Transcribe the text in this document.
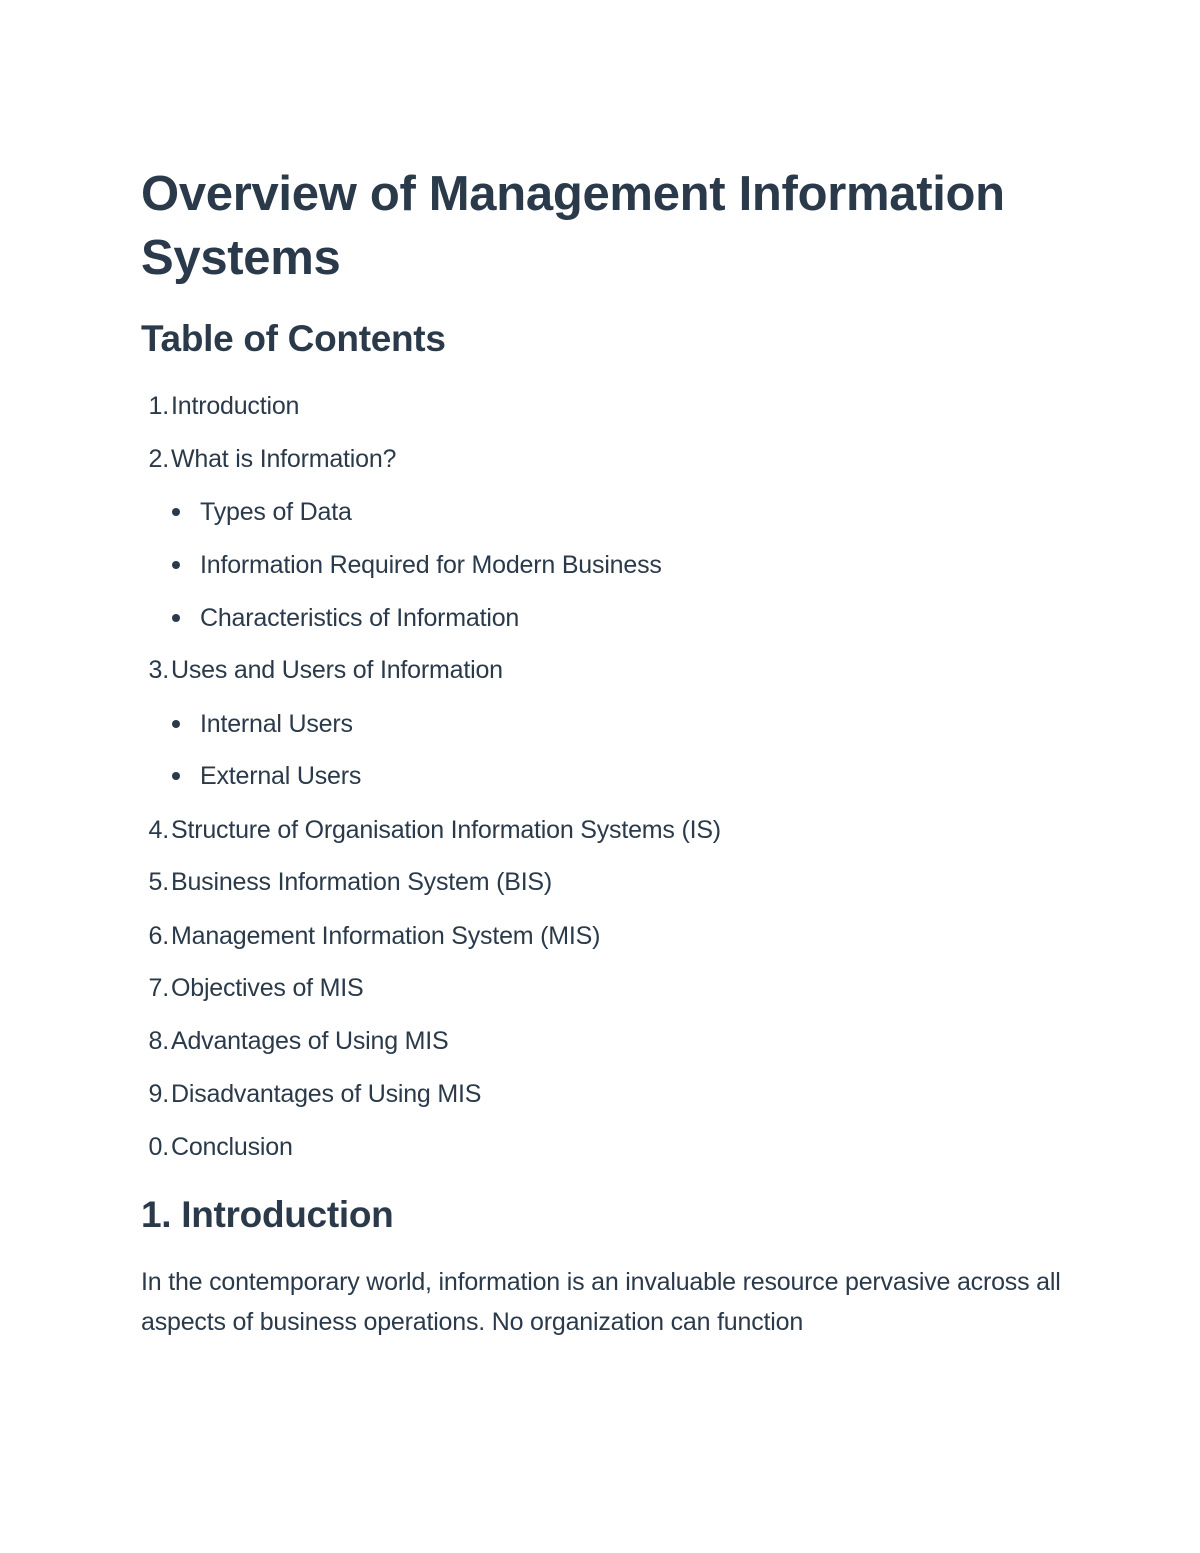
Overview of Management Information Systems
Table of Contents
1. Introduction
2. What is Information?
Types of Data
Information Required for Modern Business
Characteristics of Information
3. Uses and Users of Information
Internal Users
External Users
4. Structure of Organisation Information Systems (IS)
5. Business Information System (BIS)
6. Management Information System (MIS)
7. Objectives of MIS
8. Advantages of Using MIS
9. Disadvantages of Using MIS
0. Conclusion
1. Introduction

In the contemporary world, information is an invaluable resource pervasive across all aspects of business operations. No organization can function
